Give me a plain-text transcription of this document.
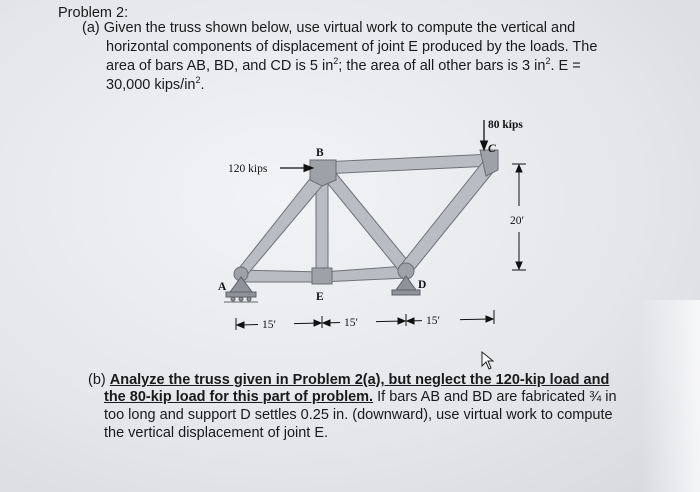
Problem 2:
(a) Given the truss shown below, use virtual work to compute the vertical and
horizontal components of displacement of joint E produced by the loads. The
area of bars AB, BD, and CD is 5 $in^2$; the area of all other bars is 3 $in^2$. E =
30,000 kips/$in^2$.
80 kips
120 kips
B	C
E
D
A
20′
15′	15′	15′
(b) Analyze the truss given in Problem 2(a), but neglect the 120-kip load and
the 80-kip load for this part of problem. If bars AB and BD are fabricated ¾ in
too long and support D settles 0.25 in. (downward), use virtual work to compute
the vertical displacement of joint E.
